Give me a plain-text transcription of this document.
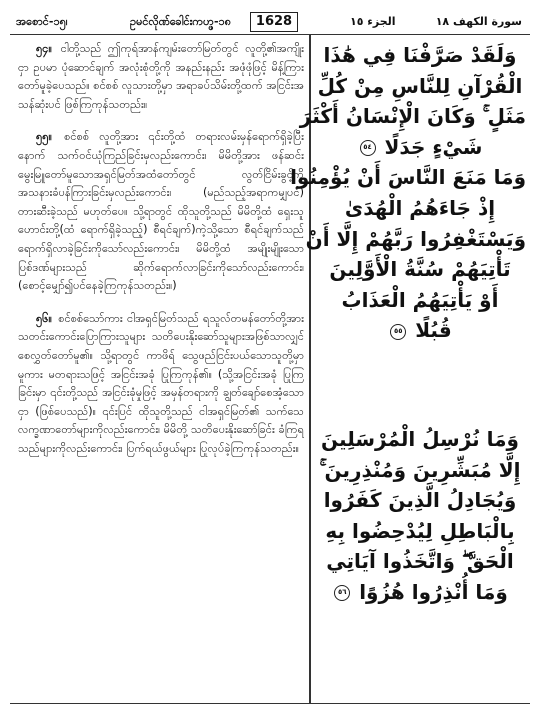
အစောင်-၁၅၊	ဥမင်လိုဏ်ခေါင်းကဟ္ဖ-၁၈	1628	الجزء ١٥	سورة الكهف ١٨

၅၄။ ငါတို့သည် ဤကုရ်အာန်ကျမ်းတော်မြတ်တွင် လူတို့၏အကျိုးငှာ ဥပမာ ပုံဆောင်ချက် အလုံးစုံတို့ကို အနည်းနည်း အဖုံဖုံဖြင့် မိန့်ကြားတော်မူခဲ့ပေသည်။ စင်စစ် လူသားတို့မှာ အရာခပ်သိမ်းတို့ထက် အငြင်းအသန်ဆုံးပင် ဖြစ်ကြကုန်သတည်း။

၅၅။ စင်စစ် လူတို့အား ၎င်းတို့ထံ တရားလမ်းမှန်ရောက်ရှိခဲ့ပြီးနောက် သက်ဝင်ယုံကြည်ခြင်းမှလည်းကောင်း၊ မိမိတို့အား ဖန်ဆင်းမွေးမြူတော်မူသောအရှင်မြတ်အထံတော်တွင် လွတ်ငြိမ်းခွင့်ကို အသနားခံပန်ကြားခြင်းမှလည်းကောင်း၊ (မည်သည့်အရာကမျှပင်) တားဆီးခဲ့သည် မဟုတ်ပေ။ သို့ရာတွင် ထိုသူတို့သည် မိမိတို့ထံ ရှေးသူဟောင်းတို့(ထံ ရောက်ရှိခဲ့သည့်) စီရင်ချက်)ကဲ့သို့သော စီရင်ချက်သည် ရောက်ရှိလာခဲ့ခြင်းကိုသော်လည်းကောင်း၊ မိမိတို့ထံ အမျိုးမျိုးသောပြစ်ဒဏ်များသည် ဆိုက်ရောက်လာခြင်းကိုသော်လည်းကောင်း၊ (စောင့်မျှော်၍ပင်နေခဲ့ကြကုန်သတည်း။)

၅၆။ စင်စစ်သော်ကား ငါအရှင်မြတ်သည် ရသူလ်တမန်တော်တို့အား သတင်းကောင်းပြောကြားသူများ သတိပေးနိုးဆော်သူများအဖြစ်သာလျှင် စေလွှတ်တော်မူ၏။ သို့ရာတွင် ကာဖိရ် သွေဖည်ငြင်းပယ်သောသူတို့မှာမူကား မတရားသဖြင့် အငြင်းအခုံ ပြုကြကုန်၏။ (သို့အငြင်းအခုံ ပြုကြခြင်းမှာ ၎င်းတို့သည် အငြင်းခုံမှုဖြင့် အမှန်တရားကို ချွတ်ချော်စေအံ့သောငှာ (ဖြစ်ပေသည်)။ ၎င်းပြင် ထိုသူတို့သည် ငါအရှင်မြတ်၏ သက်သေလက္ခဏာတော်များကိုလည်းကောင်း၊ မိမိတို့ သတိပေးနိုးဆော်ခြင်း ခံကြရသည်များကိုလည်းကောင်း၊ ပြက်ရယ်ဖွယ်များ ပြုလုပ်ခဲ့ကြကုန်သတည်း။

وَلَقَدْ صَرَّفْنَا فِي هَٰذَا
الْقُرْآنِ لِلنَّاسِ مِنْ كُلِّ
مَثَلٍ ۚ وَكَانَ الْإِنْسَانُ أَكْثَرَ
شَيْءٍ جَدَلًا ٥٤
وَمَا مَنَعَ النَّاسَ أَنْ يُؤْمِنُوا
إِذْ جَاءَهُمُ الْهُدَىٰ
وَيَسْتَغْفِرُوا رَبَّهُمْ إِلَّا أَنْ
تَأْتِيَهُمْ سُنَّةُ الْأَوَّلِينَ
أَوْ يَأْتِيَهُمُ الْعَذَابُ
قُبُلًا ٥٥
وَمَا نُرْسِلُ الْمُرْسَلِينَ
إِلَّا مُبَشِّرِينَ وَمُنْذِرِينَ ۚ
وَيُجَادِلُ الَّذِينَ كَفَرُوا
بِالْبَاطِلِ لِيُدْحِضُوا بِهِ
الْحَقَّ ۖ وَاتَّخَذُوا آيَاتِي
وَمَا أُنْذِرُوا هُزُوًا ٥٦
